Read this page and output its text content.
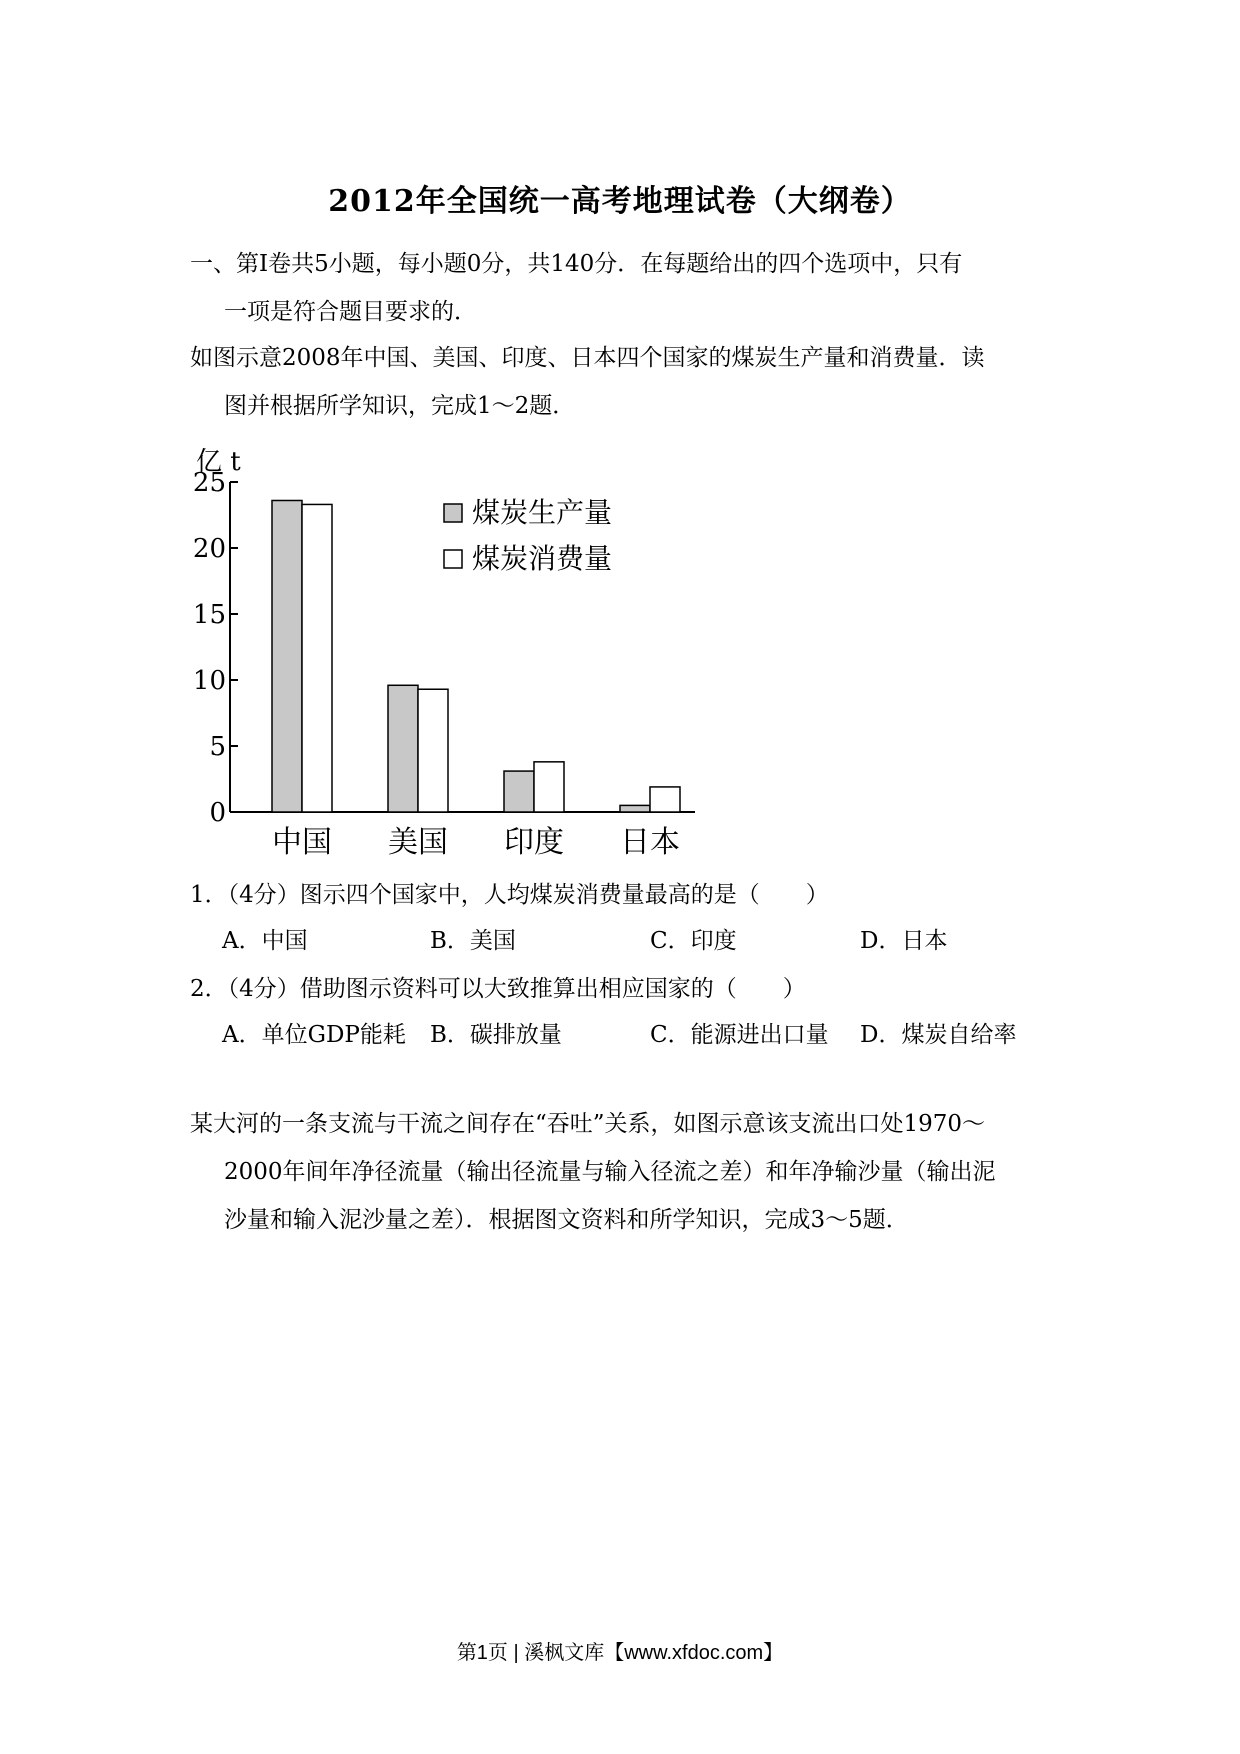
2012年全国统一高考地理试卷（大纲卷）
一、第I卷共5小题，每小题0分，共140分．在每题给出的四个选项中，只有
一项是符合题目要求的．
如图示意2008年中国、美国、印度、日本四个国家的煤炭生产量和消费量．读
图并根据所学知识，完成1～2题．
亿 t
0
5
10
15
20
25
中国 美国 印度 日本
煤炭生产量
煤炭消费量
1．（4分）图示四个国家中，人均煤炭消费量最高的是（　　）
A．中国	B．美国	C．印度	D．日本
2．（4分）借助图示资料可以大致推算出相应国家的（　　）
A．单位GDP能耗 B．碳排放量	C．能源进出口量 D．煤炭自给率
某大河的一条支流与干流之间存在“吞吐”关系，如图示意该支流出口处1970～
2000年间年净径流量（输出径流量与输入径流之差）和年净输沙量（输出泥
沙量和输入泥沙量之差）．根据图文资料和所学知识，完成3～5题．
第1页 | 溪枫文库【www.xfdoc.com】
